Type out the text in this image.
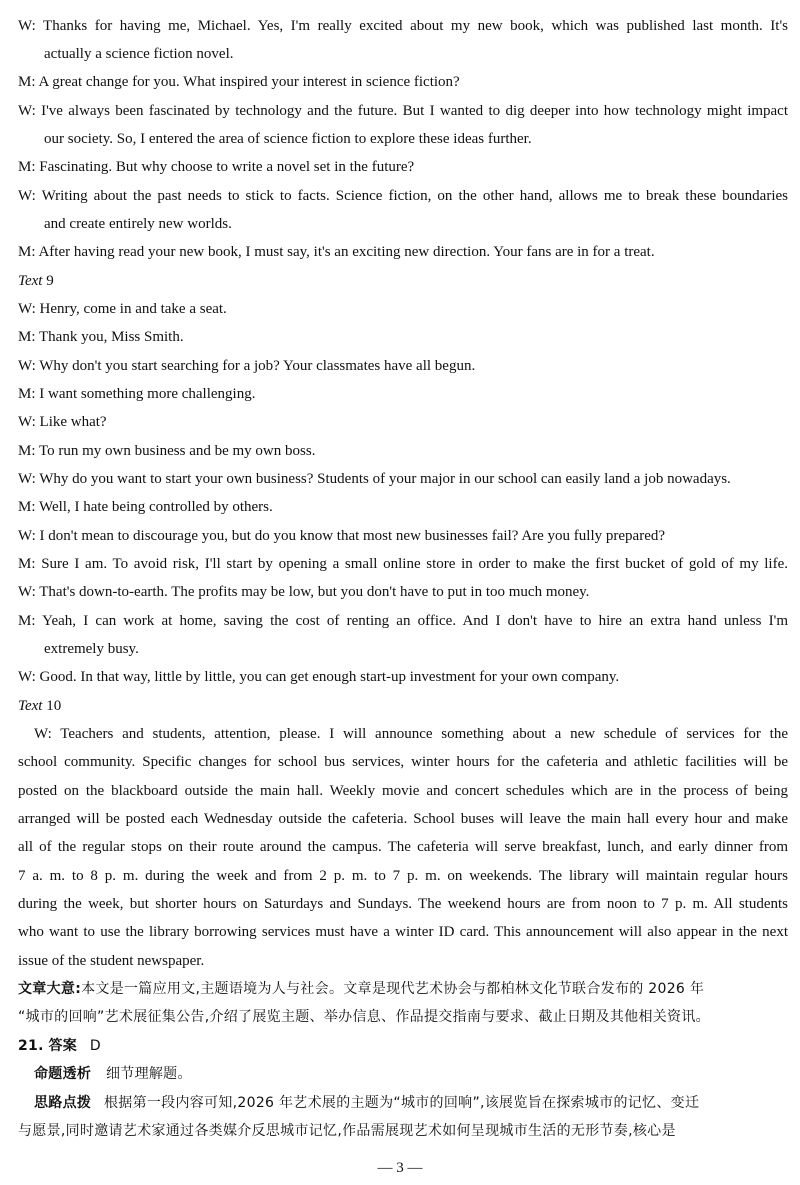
W: Thanks for having me, Michael. Yes, I'm really excited about my new book, which was published last month. It's
actually a science fiction novel.
M: A great change for you. What inspired your interest in science fiction?
W: I've always been fascinated by technology and the future. But I wanted to dig deeper into how technology might impact
our society. So, I entered the area of science fiction to explore these ideas further.
M: Fascinating. But why choose to write a novel set in the future?
W: Writing about the past needs to stick to facts. Science fiction, on the other hand, allows me to break these boundaries
and create entirely new worlds.
M: After having read your new book, I must say, it's an exciting new direction. Your fans are in for a treat.
Text 9
W: Henry, come in and take a seat.
M: Thank you, Miss Smith.
W: Why don't you start searching for a job? Your classmates have all begun.
M: I want something more challenging.
W: Like what?
M: To run my own business and be my own boss.
W: Why do you want to start your own business? Students of your major in our school can easily land a job nowadays.
M: Well, I hate being controlled by others.
W: I don't mean to discourage you, but do you know that most new businesses fail? Are you fully prepared?
M: Sure I am. To avoid risk, I'll start by opening a small online store in order to make the first bucket of gold of my life.
W: That's down-to-earth. The profits may be low, but you don't have to put in too much money.
M: Yeah, I can work at home, saving the cost of renting an office. And I don't have to hire an extra hand unless I'm
extremely busy.
W: Good. In that way, little by little, you can get enough start-up investment for your own company.
Text 10
W: Teachers and students, attention, please. I will announce something about a new schedule of services for the
school community. Specific changes for school bus services, winter hours for the cafeteria and athletic facilities will be
posted on the blackboard outside the main hall. Weekly movie and concert schedules which are in the process of being
arranged will be posted each Wednesday outside the cafeteria. School buses will leave the main hall every hour and make
all of the regular stops on their route around the campus. The cafeteria will serve breakfast, lunch, and early dinner from
7 a. m. to 8 p. m. during the week and from 2 p. m. to 7 p. m. on weekends. The library will maintain regular hours
during the week, but shorter hours on Saturdays and Sundays. The weekend hours are from noon to 7 p. m. All students
who want to use the library borrowing services must have a winter ID card. This announcement will also appear in the next
issue of the student newspaper.
文章大意:本文是一篇应用文,主题语境为人与社会。文章是现代艺术协会与都柏林文化节联合发布的 2026 年
“城市的回响”艺术展征集公告,介绍了展览主题、举办信息、作品提交指南与要求、截止日期及其他相关资讯。
21. 答案 D
命题透析 细节理解题。
思路点拨 根据第一段内容可知,2026 年艺术展的主题为“城市的回响”,该展览旨在探索城市的记忆、变迁
与愿景,同时邀请艺术家通过各类媒介反思城市记忆,作品需展现艺术如何呈现城市生活的无形节奏,核心是
— 3 —
